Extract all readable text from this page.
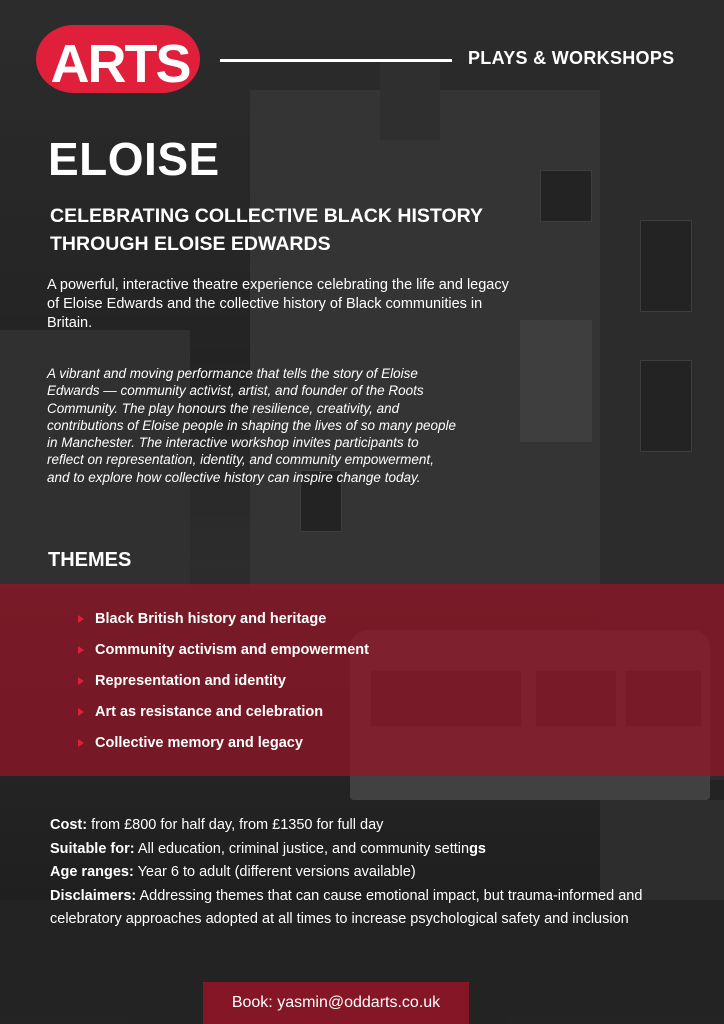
ARTS	PLAYS & WORKSHOPS
ELOISE
CELEBRATING COLLECTIVE BLACK HISTORY
THROUGH ELOISE EDWARDS
A powerful, interactive theatre experience celebrating the life and legacy of Eloise Edwards and the collective history of Black communities in Britain.
A vibrant and moving performance that tells the story of Eloise Edwards — community activist, artist, and founder of the Roots Community. The play honours the resilience, creativity, and contributions of Eloise people in shaping the lives of so many people in Manchester. The interactive workshop invites participants to reflect on representation, identity, and community empowerment, and to explore how collective history can inspire change today.
THEMES
Black British history and heritage
Community activism and empowerment
Representation and identity
Art as resistance and celebration
Collective memory and legacy
Cost: from £800 for half day, from £1350 for full day
Suitable for: All education, criminal justice, and community settings
Age ranges: Year 6 to adult (different versions available)
Disclaimers: Addressing themes that can cause emotional impact, but trauma-informed and celebratory approaches adopted at all times to increase psychological safety and inclusion
Book: yasmin@oddarts.co.uk
